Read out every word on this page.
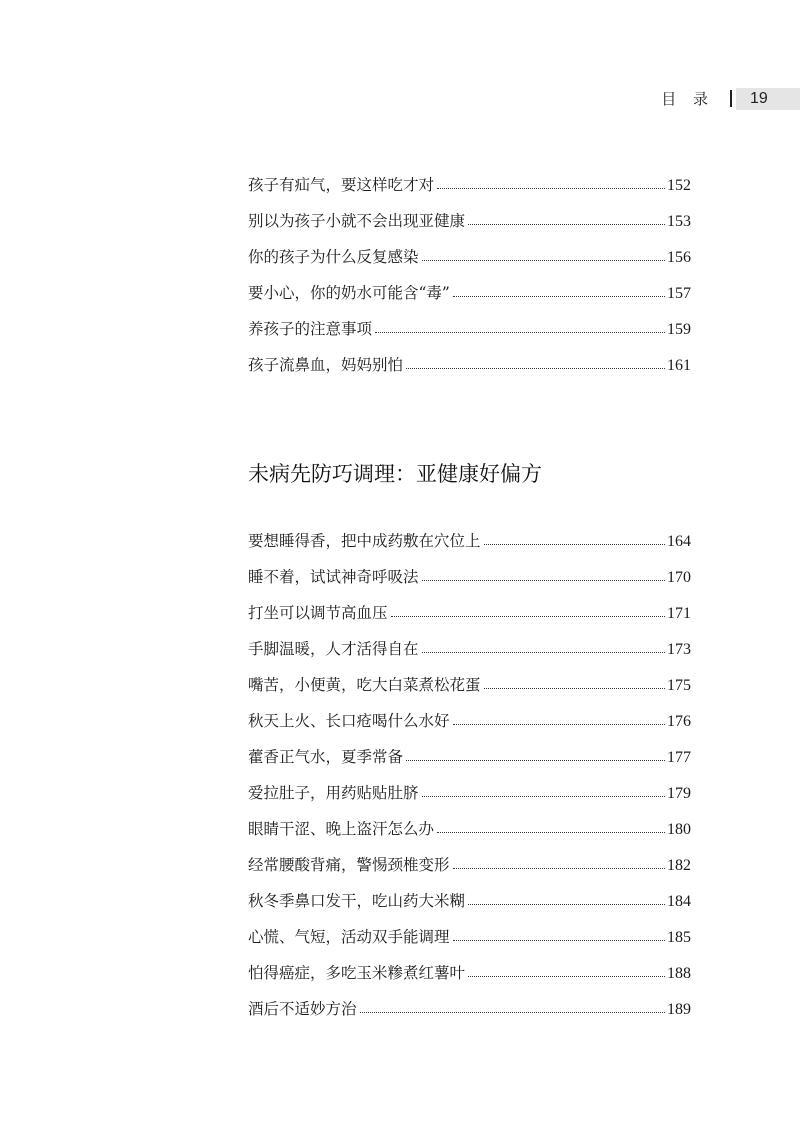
目 录 19
孩子有疝气，要这样吃才对	152
别以为孩子小就不会出现亚健康	153
你的孩子为什么反复感染	156
要小心，你的奶水可能含“毒”	157
养孩子的注意事项	159
孩子流鼻血，妈妈别怕	161
未病先防巧调理：亚健康好偏方
要想睡得香，把中成药敷在穴位上	164
睡不着，试试神奇呼吸法	170
打坐可以调节高血压	171
手脚温暖，人才活得自在	173
嘴苦，小便黄，吃大白菜煮松花蛋	175
秋天上火、长口疮喝什么水好	176
藿香正气水，夏季常备	177
爱拉肚子，用药贴贴肚脐	179
眼睛干涩、晚上盗汗怎么办	180
经常腰酸背痛，警惕颈椎变形	182
秋冬季鼻口发干，吃山药大米糊	184
心慌、气短，活动双手能调理	185
怕得癌症，多吃玉米糁煮红薯叶	188
酒后不适妙方治	189
